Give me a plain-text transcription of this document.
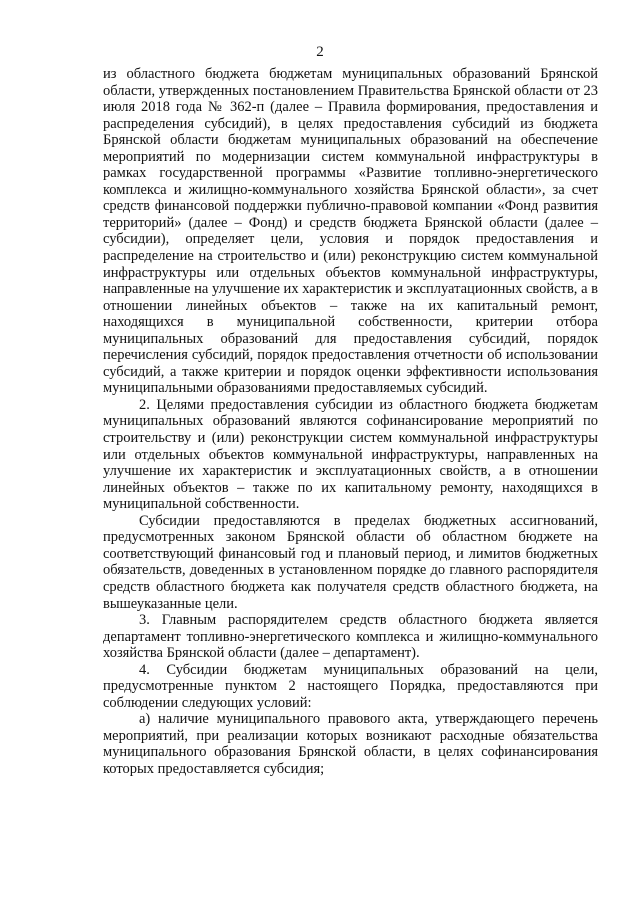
2

из областного бюджета бюджетам муниципальных образований Брянской области, утвержденных постановлением Правительства Брянской области от 23 июля 2018 года № 362-п (далее – Правила формирования, предоставления и распределения субсидий), в целях предоставления субсидий из бюджета Брянской области бюджетам муниципальных образований на обеспечение мероприятий по модернизации систем коммунальной инфраструктуры в рамках государственной программы «Развитие топливно-энергетического комплекса и жилищно-коммунального хозяйства Брянской области», за счет средств финансовой поддержки публично-правовой компании «Фонд развития территорий» (далее – Фонд) и средств бюджета Брянской области (далее – субсидии), определяет цели, условия и порядок предоставления и распределение на строительство и (или) реконструкцию систем коммунальной инфраструктуры или отдельных объектов коммунальной инфраструктуры, направленные на улучшение их характеристик и эксплуатационных свойств, а в отношении линейных объектов – также на их капитальный ремонт, находящихся в муниципальной собственности, критерии отбора муниципальных образований для предоставления субсидий, порядок перечисления субсидий, порядок предоставления отчетности об использовании субсидий, а также критерии и порядок оценки эффективности использования муниципальными образованиями предоставляемых субсидий.

2. Целями предоставления субсидии из областного бюджета бюджетам муниципальных образований являются софинансирование мероприятий по строительству и (или) реконструкции систем коммунальной инфраструктуры или отдельных объектов коммунальной инфраструктуры, направленных на улучшение их характеристик и эксплуатационных свойств, а в отношении линейных объектов – также по их капитальному ремонту, находящихся в муниципальной собственности.

Субсидии предоставляются в пределах бюджетных ассигнований, предусмотренных законом Брянской области об областном бюджете на соответствующий финансовый год и плановый период, и лимитов бюджетных обязательств, доведенных в установленном порядке до главного распорядителя средств областного бюджета как получателя средств областного бюджета, на вышеуказанные цели.

3. Главным распорядителем средств областного бюджета является департамент топливно-энергетического комплекса и жилищно-коммунального хозяйства Брянской области (далее – департамент).

4. Субсидии бюджетам муниципальных образований на цели, предусмотренные пунктом 2 настоящего Порядка, предоставляются при соблюдении следующих условий:

а) наличие муниципального правового акта, утверждающего перечень мероприятий, при реализации которых возникают расходные обязательства муниципального образования Брянской области, в целях софинансирования которых предоставляется субсидия;
